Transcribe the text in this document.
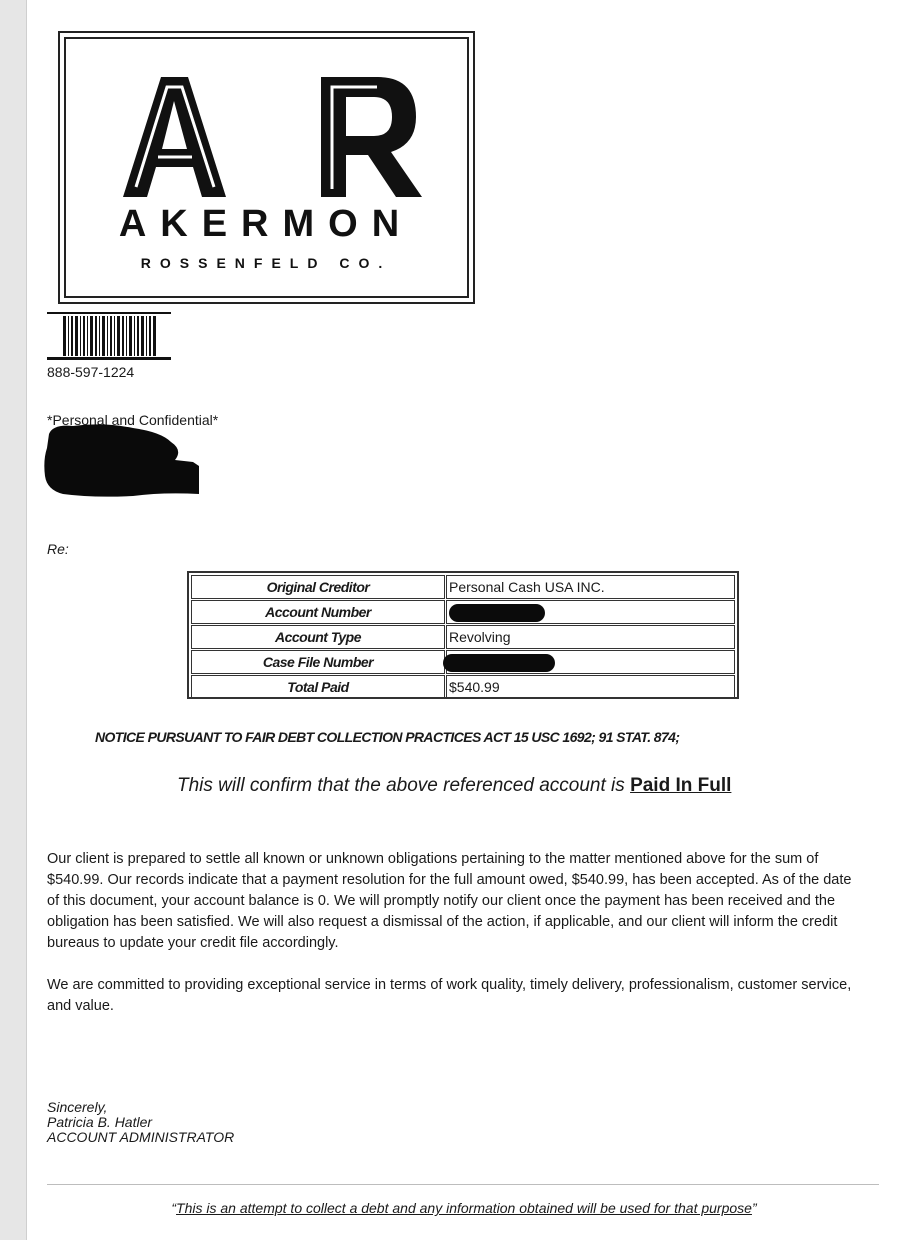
AKERMON
ROSSENFELD CO.
888-597-1224
*Personal and Confidential*
Re:
Original Creditor	Personal Cash USA INC.
Account Number	
Account Type	Revolving
Case File Number	
Total Paid	$540.99
NOTICE PURSUANT TO FAIR DEBT COLLECTION PRACTICES ACT 15 USC 1692; 91 STAT. 874;
This will confirm that the above referenced account is Paid In Full
Our client is prepared to settle all known or unknown obligations pertaining to the matter mentioned above for the sum of $540.99. Our records indicate that a payment resolution for the full amount owed, $540.99, has been accepted. As of the date of this document, your account balance is 0. We will promptly notify our client once the payment has been received and the obligation has been satisfied. We will also request a dismissal of the action, if applicable, and our client will inform the credit bureaus to update your credit file accordingly.
We are committed to providing exceptional service in terms of work quality, timely delivery, professionalism, customer service, and value.
Sincerely,
Patricia B. Hatler
ACCOUNT ADMINISTRATOR
“This is an attempt to collect a debt and any information obtained will be used for that purpose”
